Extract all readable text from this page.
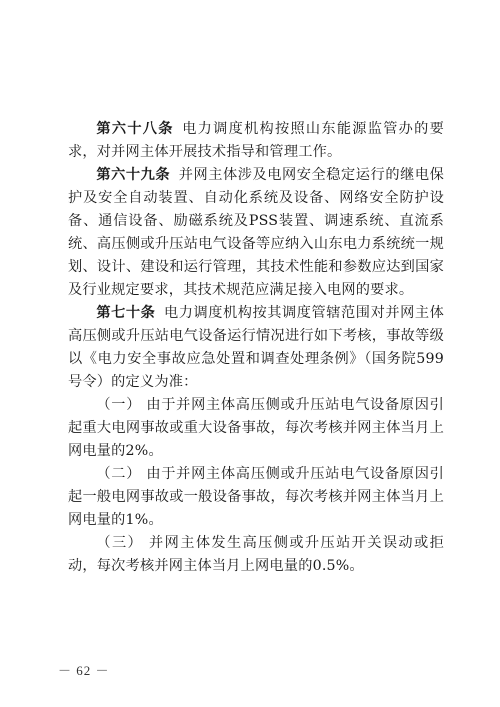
第六十八条 电力调度机构按照山东能源监管办的要求，对并网主体开展技术指导和管理工作。

第六十九条 并网主体涉及电网安全稳定运行的继电保护及安全自动装置、自动化系统及设备、网络安全防护设备、通信设备、励磁系统及PSS装置、调速系统、直流系统、高压侧或升压站电气设备等应纳入山东电力系统统一规划、设计、建设和运行管理，其技术性能和参数应达到国家及行业规定要求，其技术规范应满足接入电网的要求。

第七十条 电力调度机构按其调度管辖范围对并网主体高压侧或升压站电气设备运行情况进行如下考核，事故等级以《电力安全事故应急处置和调查处理条例》（国务院599号令）的定义为准：

（一） 由于并网主体高压侧或升压站电气设备原因引起重大电网事故或重大设备事故，每次考核并网主体当月上网电量的2%。

（二） 由于并网主体高压侧或升压站电气设备原因引起一般电网事故或一般设备事故，每次考核并网主体当月上网电量的1%。

（三） 并网主体发生高压侧或升压站开关误动或拒动，每次考核并网主体当月上网电量的0.5%。

－ 62 －
